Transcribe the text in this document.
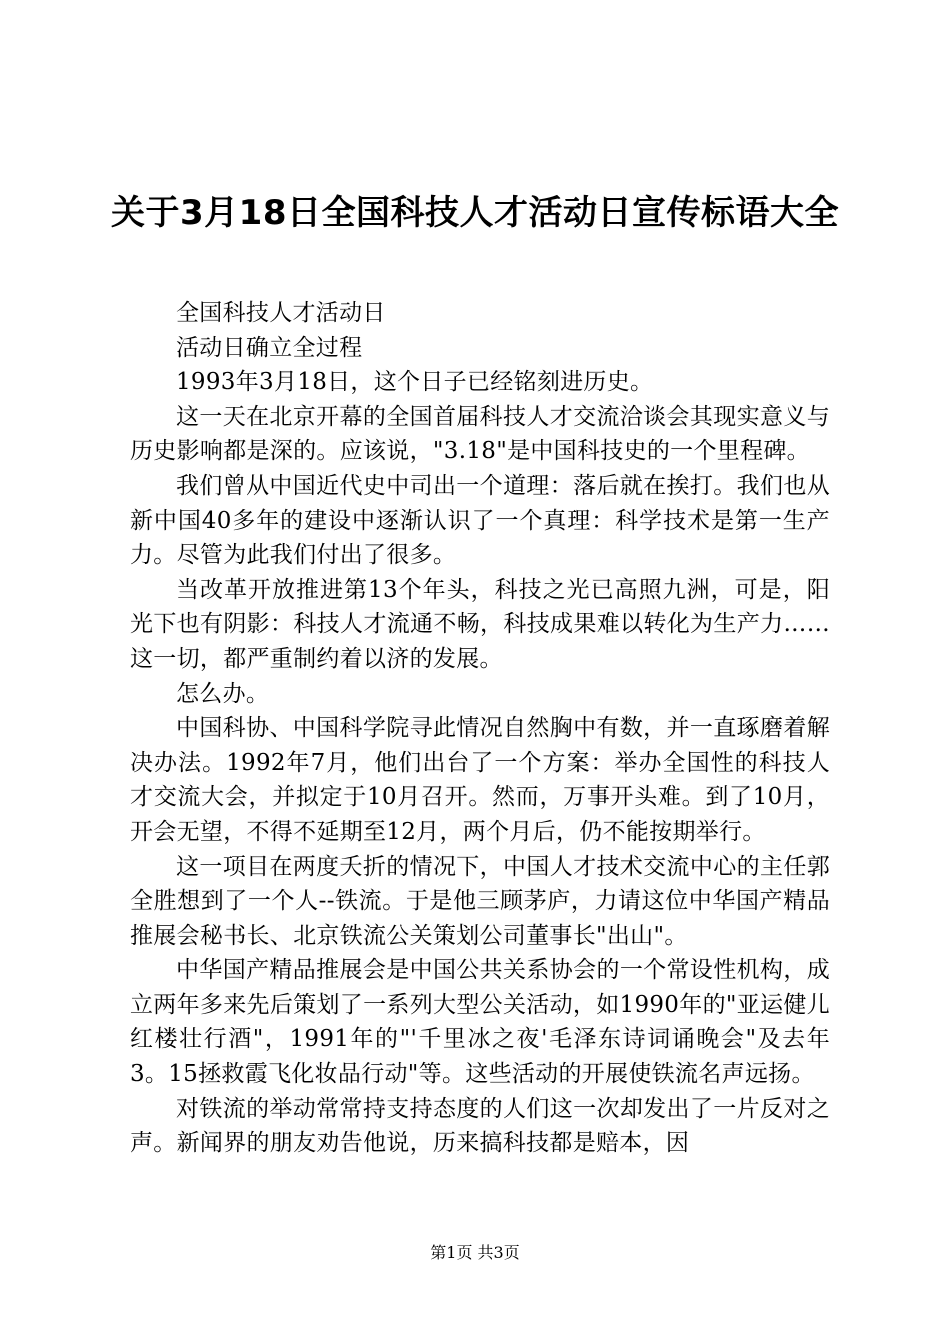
关于3月18日全国科技人才活动日宣传标语大全

全国科技人才活动日

活动日确立全过程

1993年3月18日，这个日子已经铭刻进历史。

这一天在北京开幕的全国首届科技人才交流洽谈会其现实意义与历史影响都是深的。应该说，"3.18"是中国科技史的一个里程碑。

我们曾从中国近代史中司出一个道理：落后就在挨打。我们也从新中国40多年的建设中逐渐认识了一个真理：科学技术是第一生产力。尽管为此我们付出了很多。

当改革开放推进第13个年头，科技之光已高照九洲，可是，阳光下也有阴影：科技人才流通不畅，科技成果难以转化为生产力……这一切，都严重制约着以济的发展。

怎么办。

中国科协、中国科学院寻此情况自然胸中有数，并一直琢磨着解决办法。1992年7月，他们出台了一个方案：举办全国性的科技人才交流大会，并拟定于10月召开。然而，万事开头难。到了10月，开会无望，不得不延期至12月，两个月后，仍不能按期举行。

这一项目在两度夭折的情况下，中国人才技术交流中心的主任郭全胜想到了一个人--铁流。于是他三顾茅庐，力请这位中华国产精品推展会秘书长、北京铁流公关策划公司董事长"出山"。

中华国产精品推展会是中国公共关系协会的一个常设性机构，成立两年多来先后策划了一系列大型公关活动，如1990年的"亚运健儿红楼壮行酒"，1991年的"'千里冰之夜'毛泽东诗词诵晚会"及去年3。15拯救霞飞化妆品行动"等。这些活动的开展使铁流名声远扬。

对铁流的举动常常持支持态度的人们这一次却发出了一片反对之声。新闻界的朋友劝告他说，历来搞科技都是赔本，因

第1页 共3页
